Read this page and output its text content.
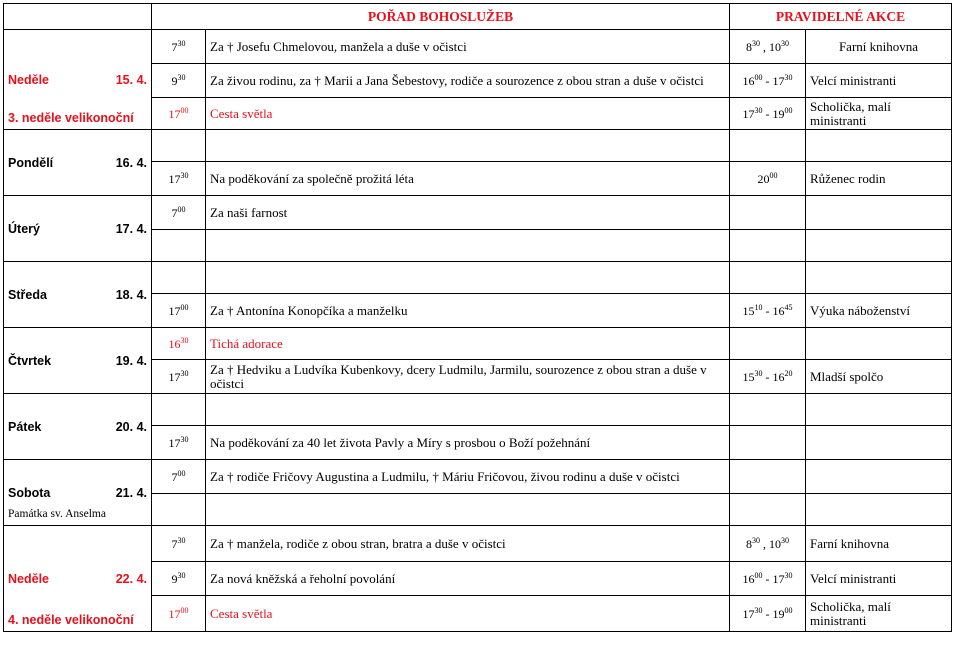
	POŘAD BOHOSLUŽEB		PRAVIDELNÉ AKCE	

Neděle 15. 4.
3. neděle velikonoční	$7^{30}$	Za † Josefu Chmelovou, manžela a duše v očistci	$8^{30}$ , $10^{30}$	Farní knihovna
	$9^{30}$	Za živou rodinu, za † Marii a Jana Šebestovy, rodiče a sourozence z obou stran a duše v očistci	$16^{00} - 17^{30}$	Velcí ministranti
	$17^{00}$	Cesta světla	$17^{30} - 19^{00}$	Scholička, malí ministranti

Pondělí 16. 4.				

	$17^{30}$	Na poděkování za společně prožitá léta	$20^{00}$	Růženec rodin

Úterý 17. 4.	$7^{00}$	Za naši farnost		

Středa 18. 4.				

	$17^{00}$	Za † Antonína Konopčíka a manželku	$15^{10} - 16^{45}$	Výuka náboženství

Čtvrtek 19. 4.	$16^{30}$	Tichá adorace		
	$17^{30}$	Za † Hedviku a Ludvíka Kubenkovy, dcery Ludmilu, Jarmilu, sourozence z obou stran a duše v očistci	$15^{30} - 16^{20}$	Mladší spolčo

Pátek 20. 4.				

	$17^{30}$	Na poděkování za 40 let života Pavly a Míry s prosbou o Boží požehnání		

Sobota 21. 4.
Památka sv. Anselma	$7^{00}$	Za † rodiče Fričovy Augustina a Ludmilu, † Máriu Fričovou, živou rodinu a duše v očistci		

Neděle 22. 4.
4. neděle velikonoční	$7^{30}$	Za † manžela, rodiče z obou stran, bratra a duše v očistci	$8^{30}$ , $10^{30}$	Farní knihovna
	$9^{30}$	Za nová kněžská a řeholní povolání	$16^{00} - 17^{30}$	Velcí ministranti
	$17^{00}$	Cesta světla	$17^{30} - 19^{00}$	Scholička, malí ministranti
